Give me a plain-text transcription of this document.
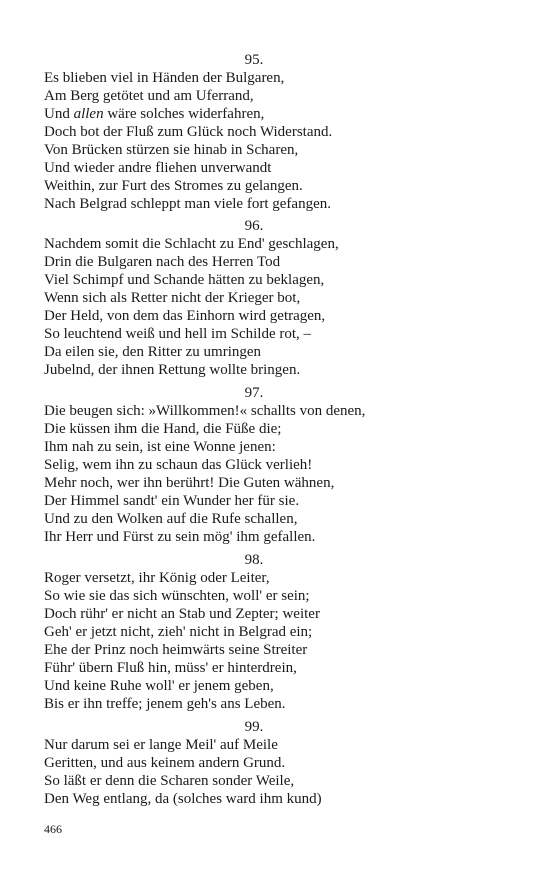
95.
Es blieben viel in Händen der Bulgaren,
Am Berg getötet und am Uferrand,
Und allen wäre solches widerfahren,
Doch bot der Fluß zum Glück noch Widerstand.
Von Brücken stürzen sie hinab in Scharen,
Und wieder andre fliehen unverwandt
Weithin, zur Furt des Stromes zu gelangen.
Nach Belgrad schleppt man viele fort gefangen.
96.
Nachdem somit die Schlacht zu End' geschlagen,
Drin die Bulgaren nach des Herren Tod
Viel Schimpf und Schande hätten zu beklagen,
Wenn sich als Retter nicht der Krieger bot,
Der Held, von dem das Einhorn wird getragen,
So leuchtend weiß und hell im Schilde rot, –
Da eilen sie, den Ritter zu umringen
Jubelnd, der ihnen Rettung wollte bringen.
97.
Die beugen sich: »Willkommen!« schallts von denen,
Die küssen ihm die Hand, die Füße die;
Ihm nah zu sein, ist eine Wonne jenen:
Selig, wem ihn zu schaun das Glück verlieh!
Mehr noch, wer ihn berührt! Die Guten wähnen,
Der Himmel sandt' ein Wunder her für sie.
Und zu den Wolken auf die Rufe schallen,
Ihr Herr und Fürst zu sein mög' ihm gefallen.
98.
Roger versetzt, ihr König oder Leiter,
So wie sie das sich wünschten, woll' er sein;
Doch rühr' er nicht an Stab und Zepter; weiter
Geh' er jetzt nicht, zieh' nicht in Belgrad ein;
Ehe der Prinz noch heimwärts seine Streiter
Führ' übern Fluß hin, müss' er hinterdrein,
Und keine Ruhe woll' er jenem geben,
Bis er ihn treffe; jenem geh's ans Leben.
99.
Nur darum sei er lange Meil' auf Meile
Geritten, und aus keinem andern Grund.
So läßt er denn die Scharen sonder Weile,
Den Weg entlang, da (solches ward ihm kund)
466
